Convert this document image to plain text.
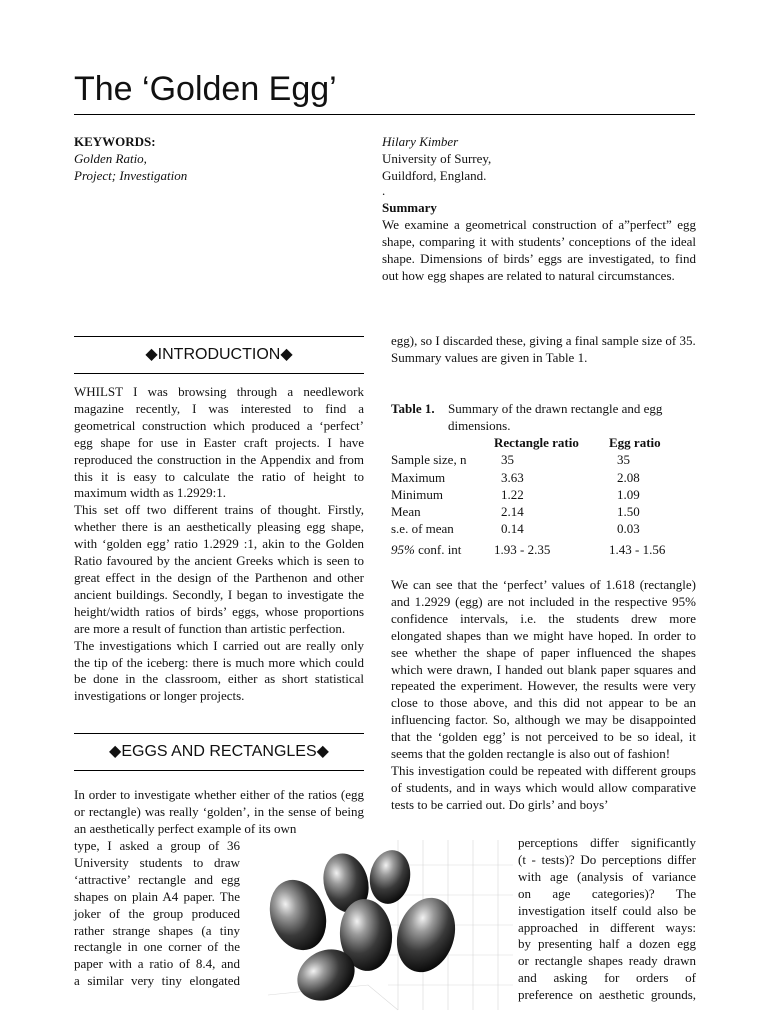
The ‘Golden Egg’
KEYWORDS:
Golden Ratio,
Project; Investigation
Hilary Kimber
University of Surrey,
Guildford, England.
.
Summary
We examine a geometrical construction of a”perfect” egg shape, comparing it with students’ conceptions of the ideal shape. Dimensions of birds’ eggs are investigated, to find out how egg shapes are related to natural circumstances.
◆INTRODUCTION◆

WHILST I was browsing through a needlework magazine recently, I was interested to find a geometrical construction which produced a ‘perfect’ egg shape for use in Easter craft projects. I have reproduced the construction in the Appendix and from this it is easy to calculate the ratio of height to maximum width as 1.2929:1.

This set off two different trains of thought. Firstly, whether there is an aesthetically pleasing egg shape, with ‘golden egg’ ratio 1.2929 :1, akin to the Golden Ratio favoured by the ancient Greeks which is seen to great effect in the design of the Parthenon and other ancient buildings. Secondly, I began to investigate the height/width ratios of birds’ eggs, whose proportions are more a result of function than artistic perfection.

The investigations which I carried out are really only the tip of the iceberg: there is much more which could be done in the classroom, either as short statistical investigations or longer projects.

◆EGGS AND RECTANGLES◆

In order to investigate whether either of the ratios (egg or rectangle) was really ‘golden’, in the sense of being an aesthetically perfect example of its own

type, I asked a group of 36
University students to draw
‘attractive’ rectangle and egg
shapes on plain A4 paper. The
joker of the group produced
rather strange shapes (a tiny
rectangle in one corner of the
paper with a ratio of 8.4, and
a similar very tiny elongated

egg), so I discarded these, giving a final sample size of 35.

Summary values are given in Table 1.

Table 1. Summary of the drawn rectangle and egg dimensions.
Rectangle ratio Egg ratio
Sample size, n	35	35
Maximum	3.63	2.08
Minimum	1.22	1.09
Mean	2.14	1.50
s.e. of mean	0.14	0.03
95% conf. int	1.93 - 2.35	1.43 - 1.56

We can see that the ‘perfect’ values of 1.618 (rectangle) and 1.2929 (egg) are not included in the respective 95% confidence intervals, i.e. the students drew more elongated shapes than we might have hoped. In order to see whether the shape of paper influenced the shapes which were drawn, I handed out blank paper squares and repeated the experiment. However, the results were very close to those above, and this did not appear to be an influencing factor. So, although we may be disappointed that the ‘golden egg’ is not perceived to be so ideal, it seems that the golden rectangle is also out of fashion!

This investigation could be repeated with different groups of students, and in ways which would allow comparative tests to be carried out. Do girls’ and boys’

perceptions differ significantly
(t - tests)? Do perceptions differ
with age (analysis of variance
on age categories)? The
investigation itself could also be
approached in different ways:
by presenting half a dozen egg
or rectangle shapes ready drawn
and asking for orders of
preference on aesthetic grounds,
